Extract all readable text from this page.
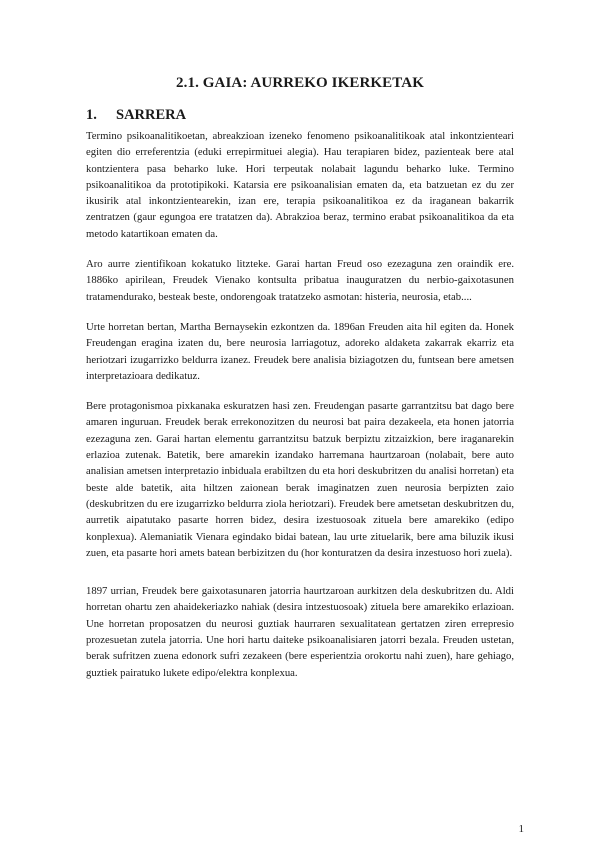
2.1. GAIA: AURREKO IKERKETAK
1. SARRERA

Termino psikoanalitikoetan, abreakzioan izeneko fenomeno psikoanalitikoak atal inkontzienteari egiten dio erreferentzia (eduki errepirmituei alegia). Hau terapiaren bidez, pazienteak bere atal kontzientera pasa beharko luke. Hori terpeutak nolabait lagundu beharko luke. Termino psikoanalitikoa da prototipikoki. Katarsia ere psikoanalisian ematen da, eta batzuetan ez du zer ikusirik atal inkontzientearekin, izan ere, terapia psikoanalitikoa ez da iraganean bakarrik zentratzen (gaur egungoa ere tratatzen da). Abrakzioa beraz, termino erabat psikoanalitikoa da eta metodo katartikoan ematen da.

Aro aurre zientifikoan kokatuko litzteke. Garai hartan Freud oso ezezaguna zen oraindik ere. 1886ko apirilean, Freudek Vienako kontsulta pribatua inauguratzen du nerbio-gaixotasunen tratamendurako, besteak beste, ondorengoak tratatzeko asmotan: histeria, neurosia, etab....

Urte horretan bertan, Martha Bernaysekin ezkontzen da. 1896an Freuden aita hil egiten da. Honek Freudengan eragina izaten du, bere neurosia larriagotuz, adoreko aldaketa zakarrak ekarriz eta heriotzari izugarrizko beldurra izanez. Freudek bere analisia biziagotzen du, funtsean bere ametsen interpretazioara dedikatuz.

Bere protagonismoa pixkanaka eskuratzen hasi zen. Freudengan pasarte garrantzitsu bat dago bere amaren inguruan. Freudek berak errekonozitzen du neurosi bat paira dezakeela, eta honen jatorria ezezaguna zen. Garai hartan elementu garrantzitsu batzuk berpiztu zitzaizkion, bere iraganarekin erlazioa zutenak. Batetik, bere amarekin izandako harremana haurtzaroan (nolabait, bere auto analisian ametsen interpretazio inbiduala erabiltzen du eta hori deskubritzen du analisi horretan) eta beste alde batetik, aita hiltzen zaionean berak imaginatzen zuen neurosia berpizten zaio (deskubritzen du ere izugarrizko beldurra ziola heriotzari). Freudek bere ametsetan deskubritzen du, aurretik aipatutako pasarte horren bidez, desira izestuosoak zituela bere amarekiko (edipo konplexua). Alemaniatik Vienara egindako bidai batean, lau urte zituelarik, bere ama biluzik ikusi zuen, eta pasarte hori amets batean berbizitzen du (hor konturatzen da desira inzestuoso hori zuela).

1897 urrian, Freudek bere gaixotasunaren jatorria haurtzaroan aurkitzen dela deskubritzen du. Aldi horretan ohartu zen ahaidekeriazko nahiak (desira intzestuosoak) zituela bere amarekiko erlazioan. Une horretan proposatzen du neurosi guztiak haurraren sexualitatean gertatzen ziren errepresio prozesuetan zutela jatorria. Une hori hartu daiteke psikoanalisiaren jatorri bezala. Freuden ustetan, berak sufritzen zuena edonork sufri zezakeen (bere esperientzia orokortu nahi zuen), hare gehiago, guztiek pairatuko lukete edipo/elektra konplexua.

1
